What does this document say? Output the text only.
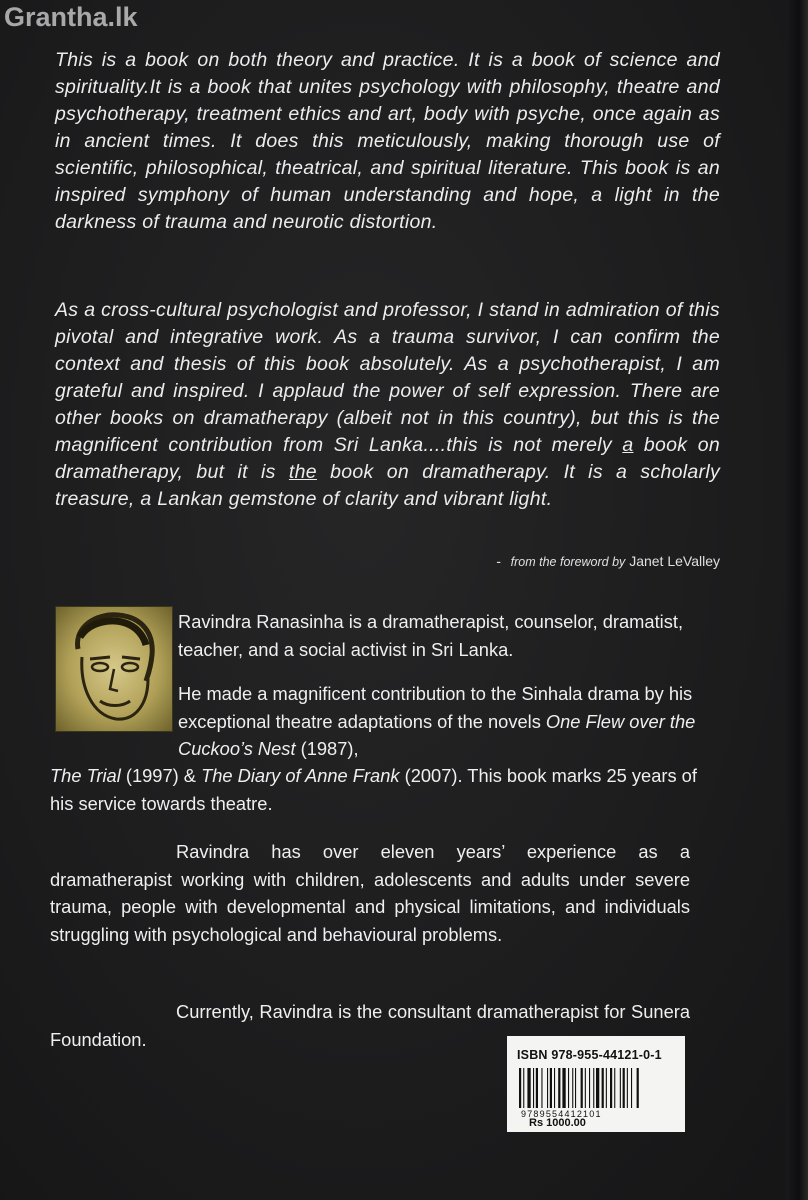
Grantha.lk
This is a book on both theory and practice. It is a book of science and spirituality.It is a book that unites psychology with philosophy, theatre and psychotherapy, treatment ethics and art, body with psyche, once again as in ancient times. It does this meticulously, making thorough use of scientific, philosophical, theatrical, and spiritual literature. This book is an inspired symphony of human understanding and hope, a light in the darkness of trauma and neurotic distortion.
As a cross-cultural psychologist and professor, I stand in admiration of this pivotal and integrative work. As a trauma survivor, I can confirm the context and thesis of this book absolutely. As a psychotherapist, I am grateful and inspired. I applaud the power of self expression. There are other books on dramatherapy (albeit not in this country), but this is the magnificent contribution from Sri Lanka....this is not merely a book on dramatherapy, but it is the book on dramatherapy. It is a scholarly treasure, a Lankan gemstone of clarity and vibrant light.
- from the foreword by Janet LeValley
Ravindra Ranasinha is a dramatherapist, counselor, dramatist, teacher, and a social activist in Sri Lanka.
He made a magnificent contribution to the Sinhala drama by his exceptional theatre adaptations of the novels One Flew over the Cuckoo’s Nest (1987),
The Trial (1997) & The Diary of Anne Frank (2007). This book marks 25 years of his service towards theatre.
Ravindra has over eleven years’ experience as a dramatherapist working with children, adolescents and adults under severe trauma, people with developmental and physical limitations, and individuals struggling with psychological and behavioural problems.
Currently, Ravindra is the consultant dramatherapist for Sunera Foundation.
ISBN 978-955-44121-0-1
9789554412101
Rs 1000.00
